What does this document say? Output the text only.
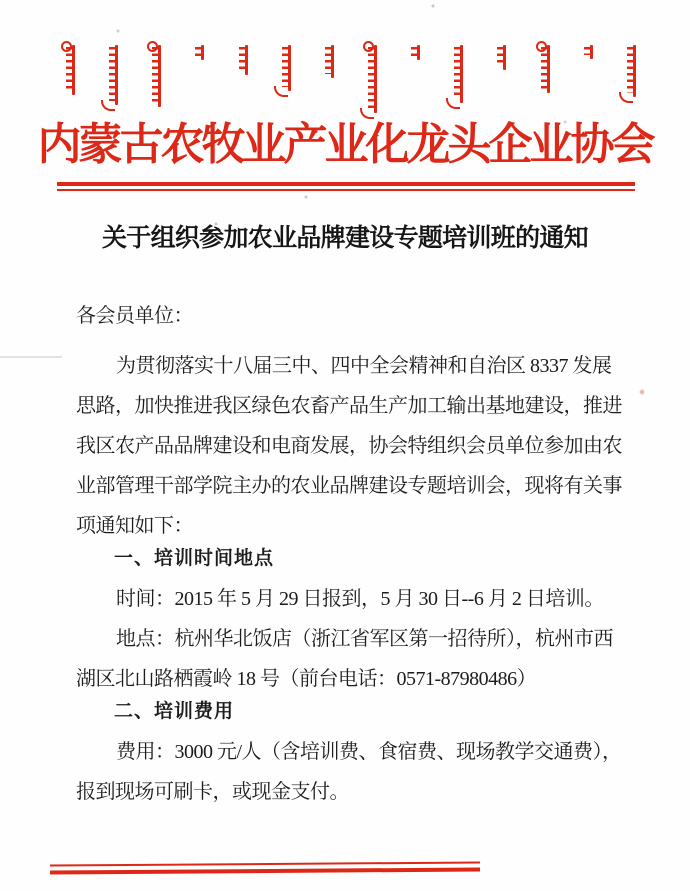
内蒙古农牧业产业化龙头企业协会
关于组织参加农业品牌建设专题培训班的通知
各会员单位：
为贯彻落实十八届三中、四中全会精神和自治区 8337 发展
思路，加快推进我区绿色农畜产品生产加工输出基地建设，推进
我区农产品品牌建设和电商发展，协会特组织会员单位参加由农
业部管理干部学院主办的农业品牌建设专题培训会，现将有关事
项通知如下：
一、培训时间地点
时间：2015 年 5 月 29 日报到，5 月 30 日--6 月 2 日培训。
地点：杭州华北饭店（浙江省军区第一招待所），杭州市西
湖区北山路栖霞岭 18 号（前台电话：0571-87980486）
二、培训费用
费用：3000 元/人（含培训费、食宿费、现场教学交通费），
报到现场可刷卡，或现金支付。
